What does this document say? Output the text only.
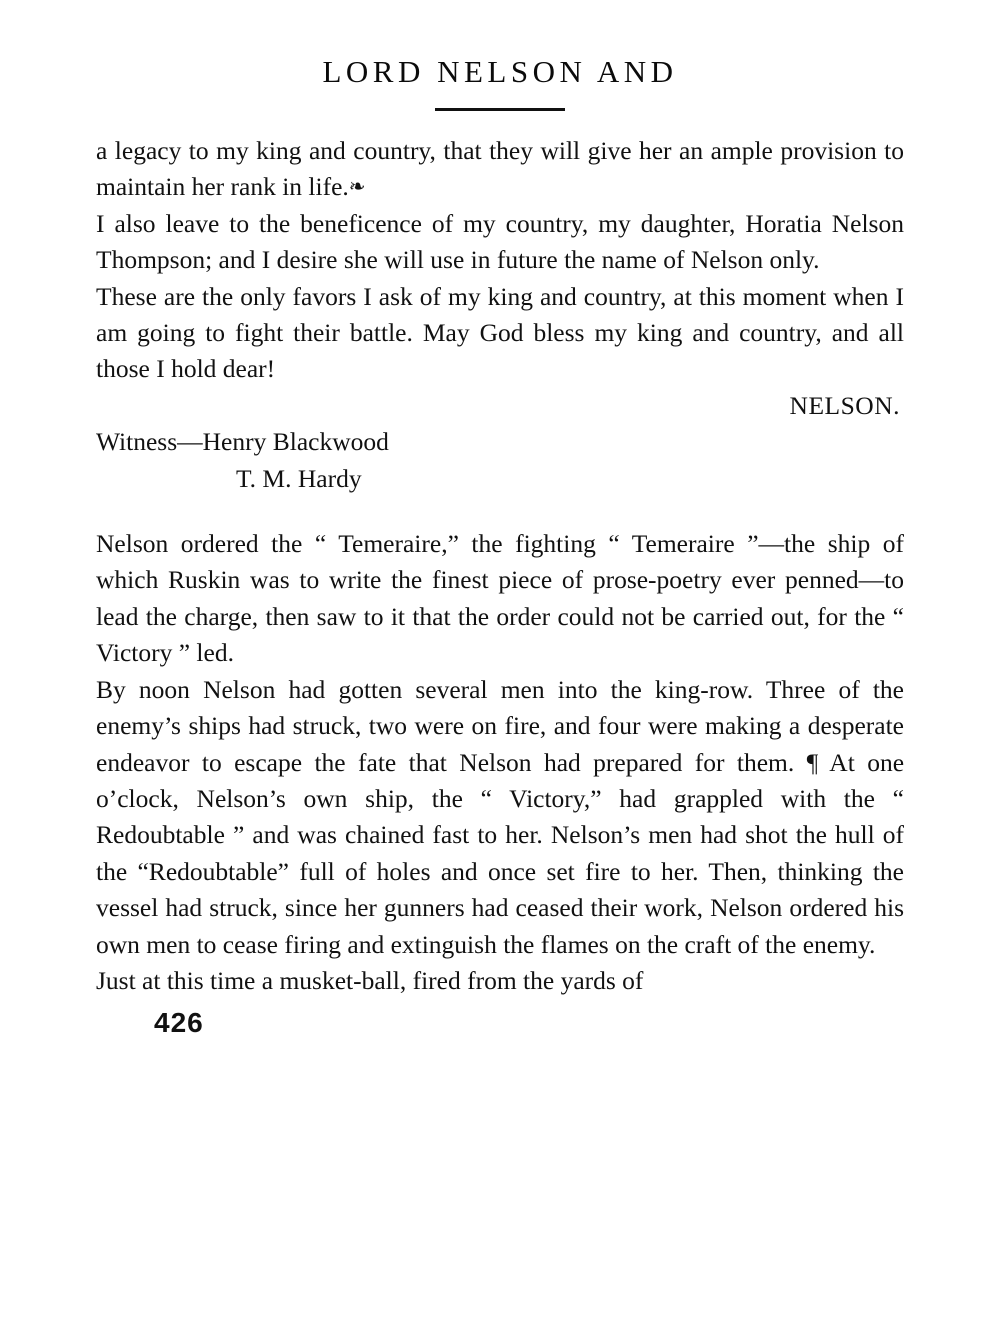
LORD NELSON AND

a legacy to my king and country, that they will give her an ample provision to maintain her rank in life.❧

I also leave to the beneficence of my country, my daughter, Horatia Nelson Thompson; and I desire she will use in future the name of Nelson only.

These are the only favors I ask of my king and country, at this moment when I am going to fight their battle. May God bless my king and country, and all those I hold dear!
NELSON.

Witness—Henry Blackwood

T. M. Hardy

Nelson ordered the “ Temeraire,” the fighting “ Temeraire ”—the ship of which Ruskin was to write the finest piece of prose-poetry ever penned—to lead the charge, then saw to it that the order could not be carried out, for the “ Victory ” led.

By noon Nelson had gotten several men into the king-row. Three of the enemy’s ships had struck, two were on fire, and four were making a desperate endeavor to escape the fate that Nelson had prepared for them. ¶ At one o’clock, Nelson’s own ship, the “ Victory,” had grappled with the “ Redoubtable ” and was chained fast to her. Nelson’s men had shot the hull of the “Redoubtable” full of holes and once set fire to her. Then, thinking the vessel had struck, since her gunners had ceased their work, Nelson ordered his own men to cease firing and extinguish the flames on the craft of the enemy.

Just at this time a musket-ball, fired from the yards of

426
